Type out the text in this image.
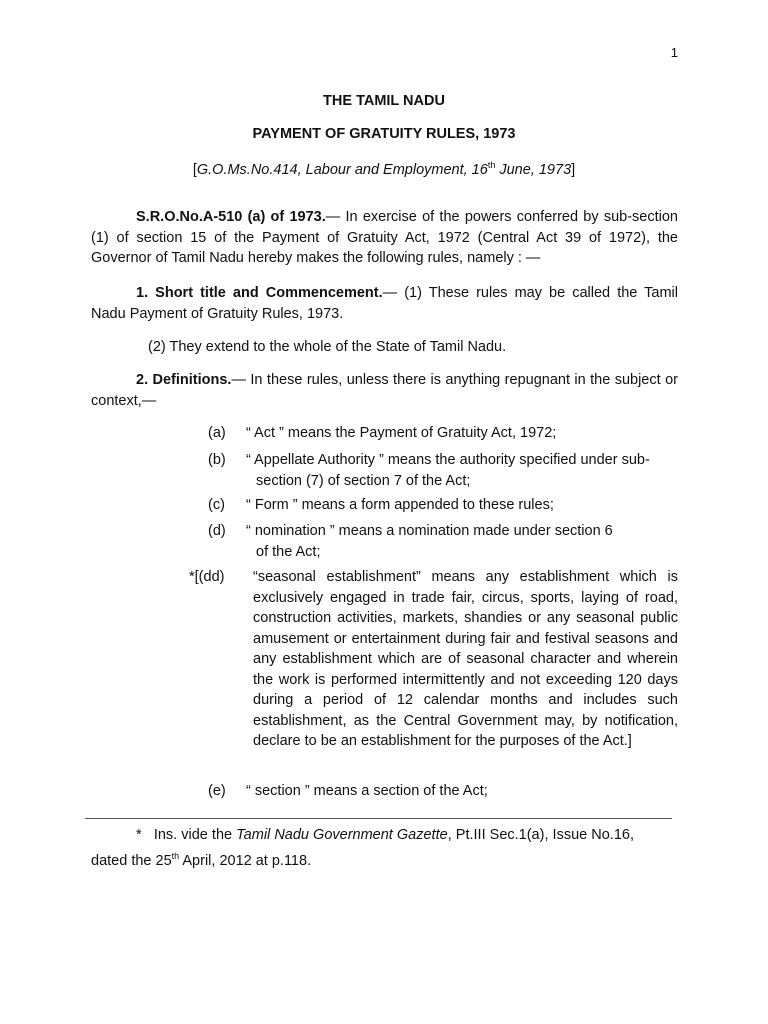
1
THE TAMIL NADU
PAYMENT OF GRATUITY RULES, 1973
[G.O.Ms.No.414, Labour and Employment, 16th June, 1973]
S.R.O.No.A-510 (a) of 1973.— In exercise of the powers conferred by sub-section (1) of section 15 of the Payment of Gratuity Act, 1972 (Central Act 39 of 1972), the Governor of Tamil Nadu hereby makes the following rules, namely : —
1. Short title and Commencement.— (1) These rules may be called the Tamil Nadu Payment of Gratuity Rules, 1973.
(2) They extend to the whole of the State of Tamil Nadu.
2. Definitions.— In these rules, unless there is anything repugnant in the subject or context,—
(a) “ Act ” means the Payment of Gratuity Act, 1972;
(b) “ Appellate Authority ” means the authority specified under sub-
section (7) of section 7 of the Act;
(c) “ Form ” means a form appended to these rules;
(d) “ nomination ” means a nomination made under section 6
of the Act;
*[(dd) “seasonal establishment” means any establishment which is exclusively engaged in trade fair, circus, sports, laying of road, construction activities, markets, shandies or any seasonal public amusement or entertainment during fair and festival seasons and any establishment which are of seasonal character and wherein the work is performed intermittently and not exceeding 120 days during a period of 12 calendar months and includes such establishment, as the Central Government may, by notification, declare to be an establishment for the purposes of the Act.]
(e) “ section ” means a section of the Act;
* Ins. vide the Tamil Nadu Government Gazette, Pt.III Sec.1(a), Issue No.16, dated the 25th April, 2012 at p.118.
